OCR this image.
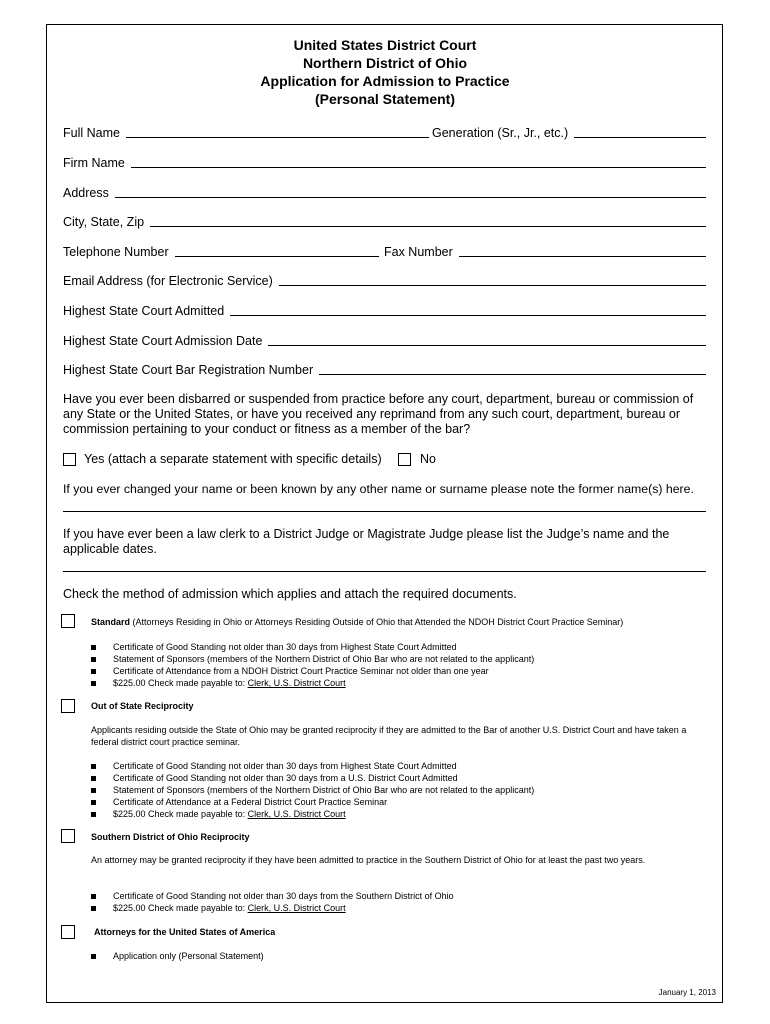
United States District Court
Northern District of Ohio
Application for Admission to Practice
(Personal Statement)
Full Name	Generation (Sr., Jr., etc.)
Firm Name
Address
City, State, Zip
Telephone Number	Fax Number
Email Address (for Electronic Service)
Highest State Court Admitted
Highest State Court Admission Date
Highest State Court Bar Registration Number
Have you ever been disbarred or suspended from practice before any court, department, bureau or commission of any State or the United States, or have you received any reprimand from any such court, department, bureau or commission pertaining to your conduct or fitness as a member of the bar?
Yes (attach a separate statement with specific details)	No
If you ever changed your name or been known by any other name or surname please note the former name(s) here.
If you have ever been a law clerk to a District Judge or Magistrate Judge please list the Judge’s name and the applicable dates.
Check the method of admission which applies and attach the required documents.
Standard (Attorneys Residing in Ohio or Attorneys Residing Outside of Ohio that Attended the NDOH District Court Practice Seminar)
Certificate of Good Standing not older than 30 days from Highest State Court Admitted
Statement of Sponsors (members of the Northern District of Ohio Bar who are not related to the applicant)
Certificate of Attendance from a NDOH District Court Practice Seminar not older than one year
$225.00 Check made payable to: Clerk, U.S. District Court
Out of State Reciprocity
Applicants residing outside the State of Ohio may be granted reciprocity if they are admitted to the Bar of another U.S. District Court and have taken a federal district court practice seminar.
Certificate of Good Standing not older than 30 days from Highest State Court Admitted
Certificate of Good Standing not older than 30 days from a U.S. District Court Admitted
Statement of Sponsors (members of the Northern District of Ohio Bar who are not related to the applicant)
Certificate of Attendance at a Federal District Court Practice Seminar
$225.00 Check made payable to: Clerk, U.S. District Court
Southern District of Ohio Reciprocity
An attorney may be granted reciprocity if they have been admitted to practice in the Southern District of Ohio for at least the past two years.
Certificate of Good Standing not older than 30 days from the Southern District of Ohio
$225.00 Check made payable to: Clerk, U.S. District Court
Attorneys for the United States of America
Application only (Personal Statement)
January 1, 2013
